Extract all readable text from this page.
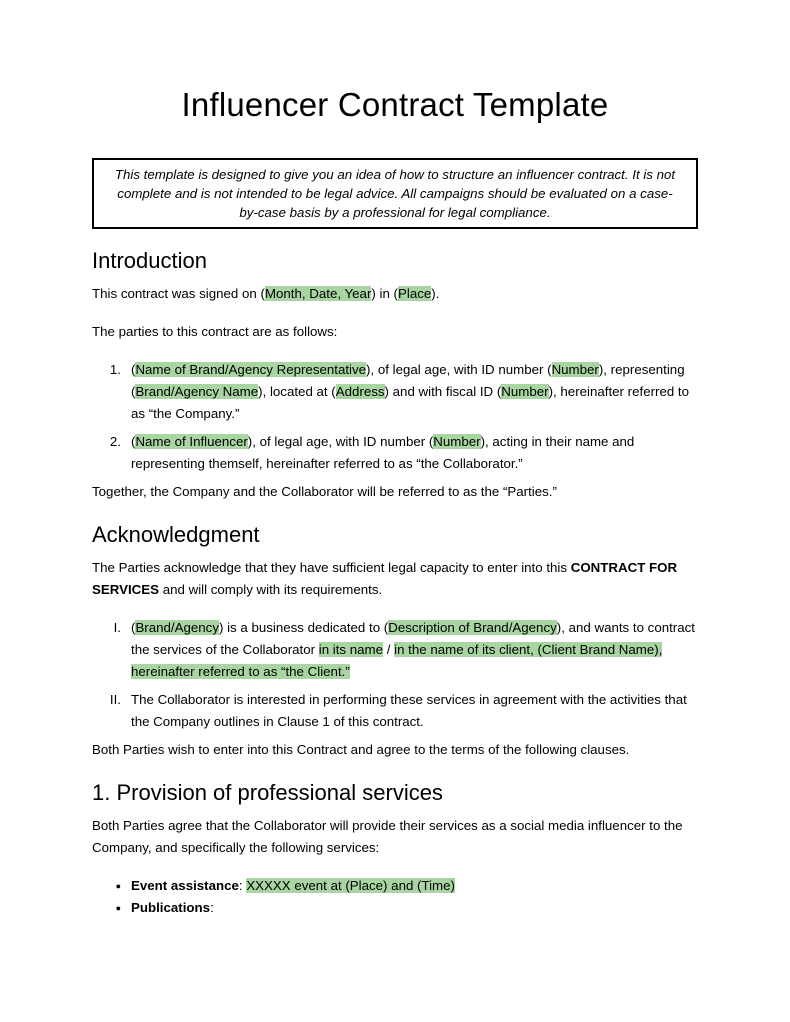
Influencer Contract Template
This template is designed to give you an idea of how to structure an influencer contract. It is not complete and is not intended to be legal advice. All campaigns should be evaluated on a case-by-case basis by a professional for legal compliance.
Introduction

This contract was signed on (Month, Date, Year) in (Place).

The parties to this contract are as follows:

1. (Name of Brand/Agency Representative), of legal age, with ID number (Number), representing (Brand/Agency Name), located at (Address) and with fiscal ID (Number), hereinafter referred to as “the Company.”
2. (Name of Influencer), of legal age, with ID number (Number), acting in their name and representing themself, hereinafter referred to as “the Collaborator.”

Together, the Company and the Collaborator will be referred to as the “Parties.”

Acknowledgment

The Parties acknowledge that they have sufficient legal capacity to enter into this CONTRACT FOR SERVICES and will comply with its requirements.

I. (Brand/Agency) is a business dedicated to (Description of Brand/Agency), and wants to contract the services of the Collaborator in its name / in the name of its client, (Client Brand Name), hereinafter referred to as “the Client.”
II. The Collaborator is interested in performing these services in agreement with the activities that the Company outlines in Clause 1 of this contract.

Both Parties wish to enter into this Contract and agree to the terms of the following clauses.

1. Provision of professional services

Both Parties agree that the Collaborator will provide their services as a social media influencer to the Company, and specifically the following services:

● Event assistance: XXXXX event at (Place) and (Time)
● Publications:
